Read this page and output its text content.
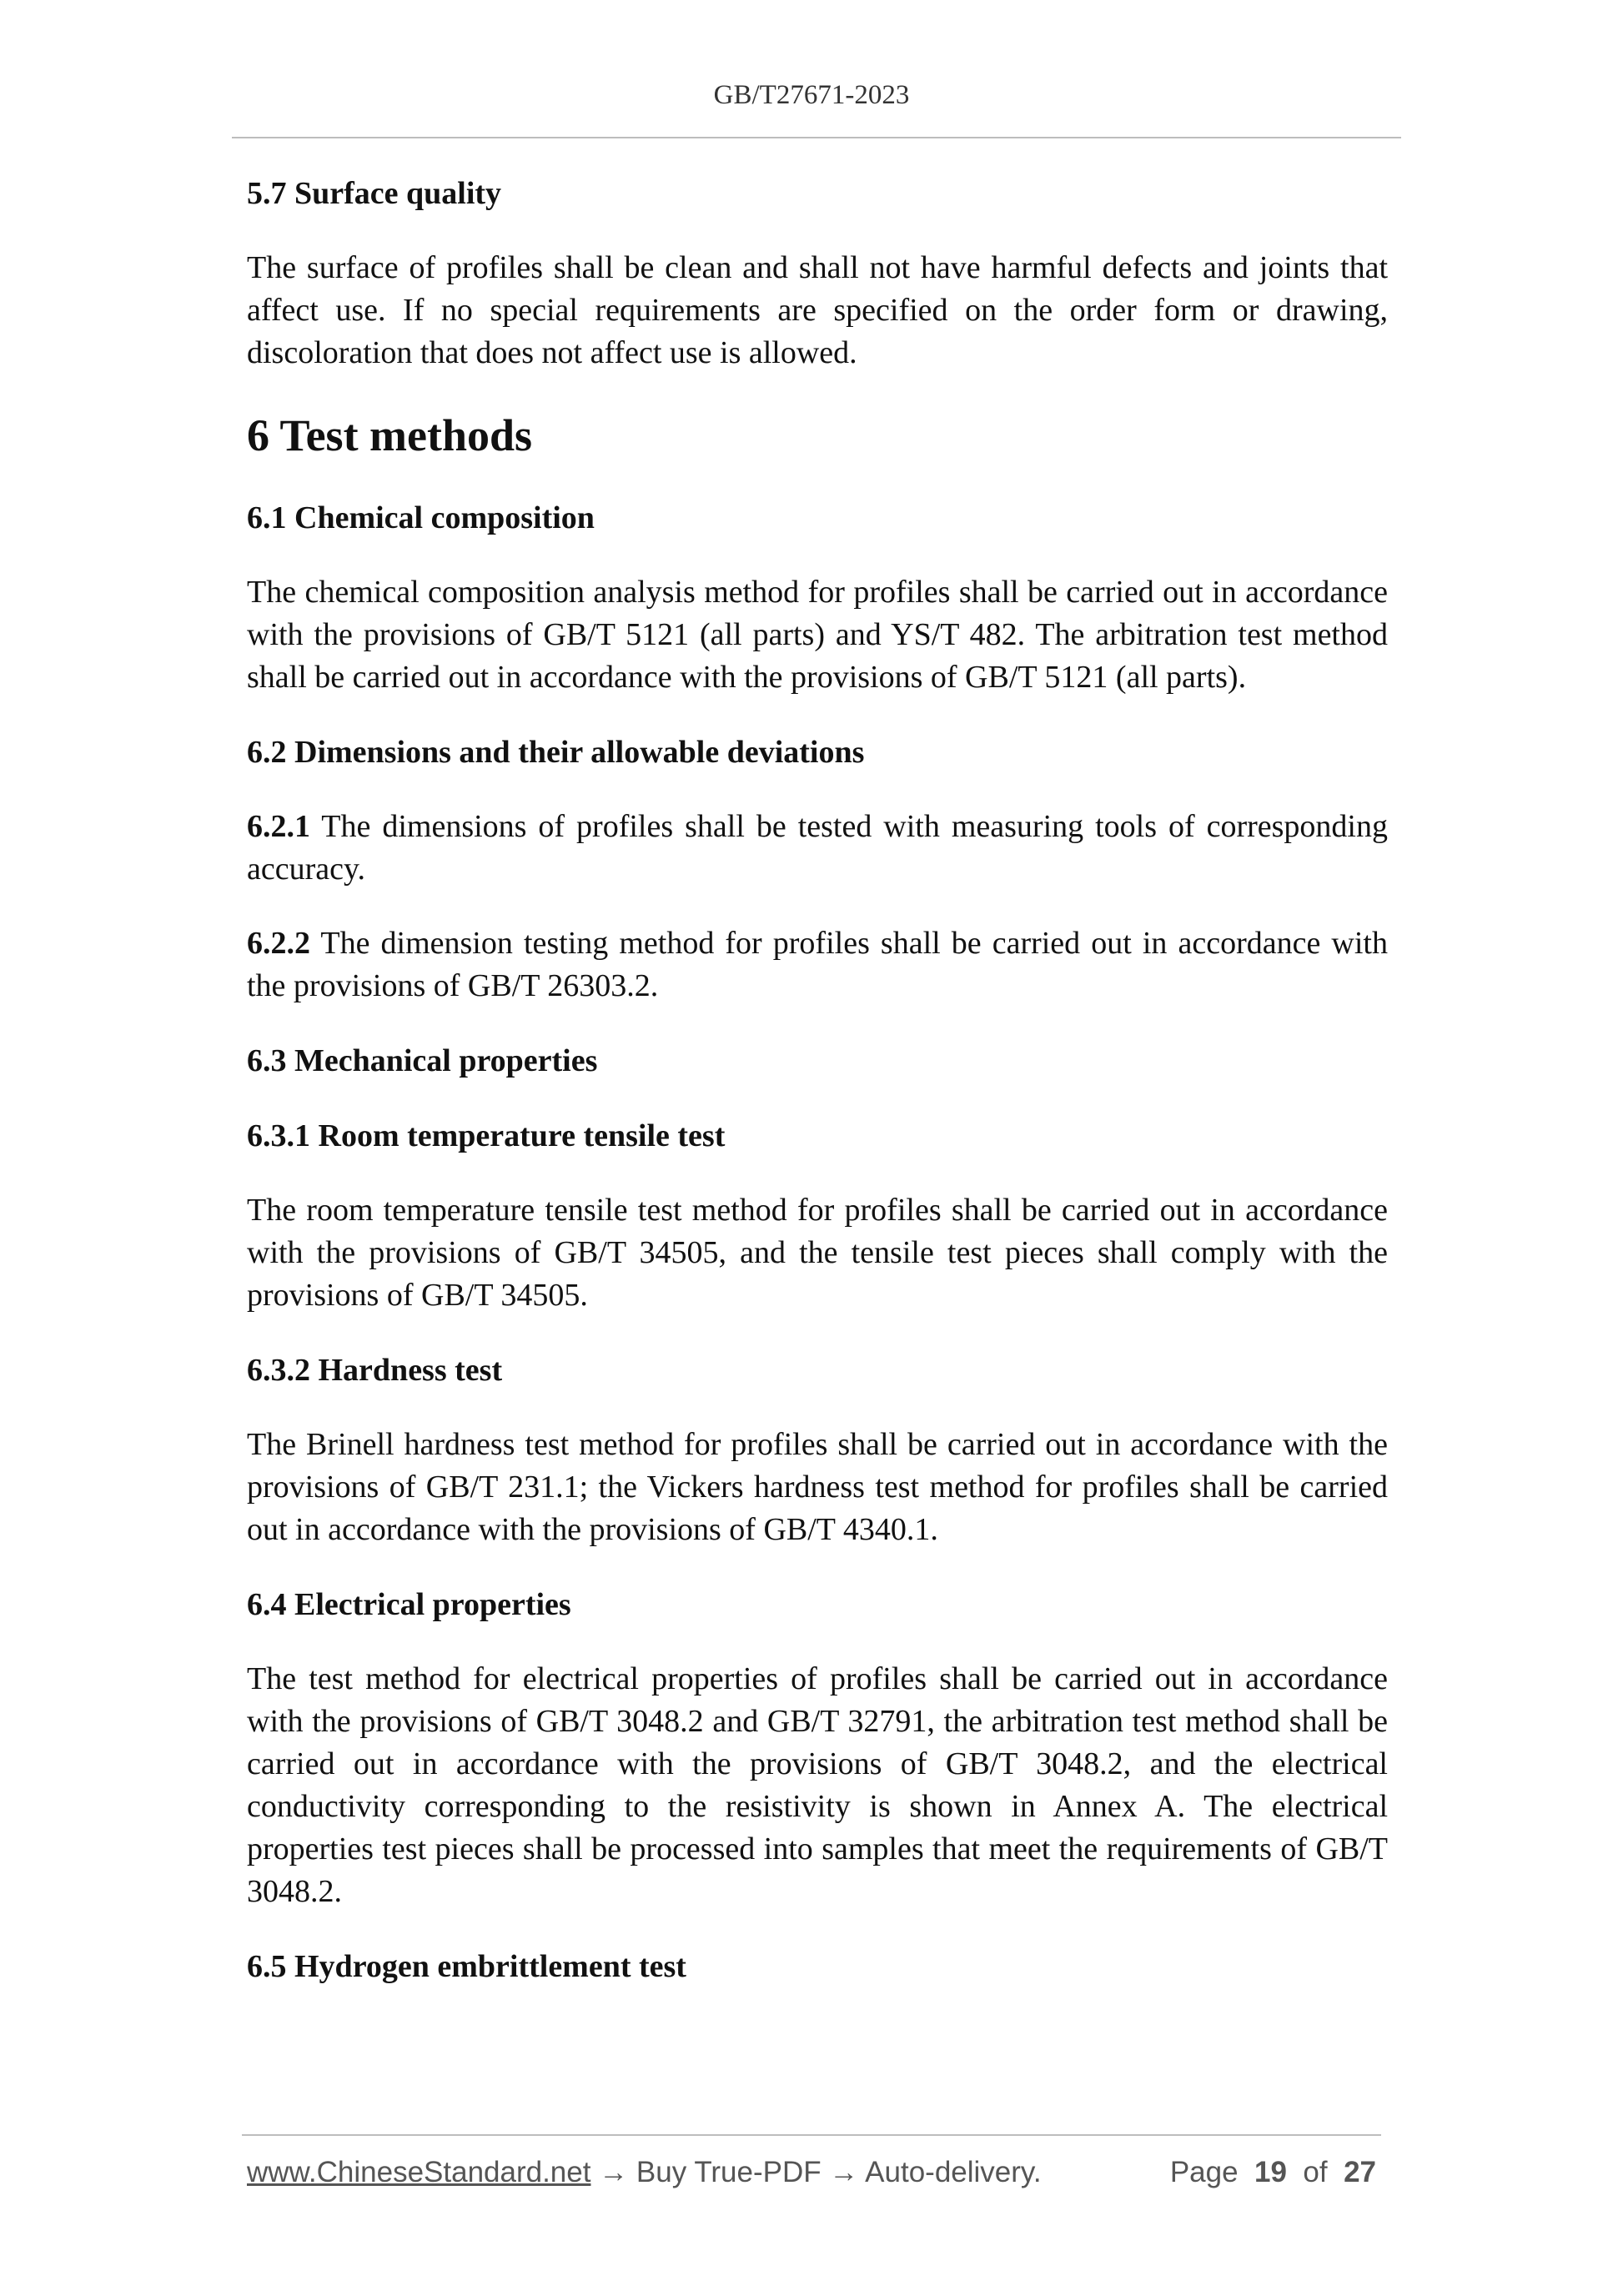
GB/T27671-2023
5.7 Surface quality

The surface of profiles shall be clean and shall not have harmful defects and joints that affect use. If no special requirements are specified on the order form or drawing, discoloration that does not affect use is allowed.

6 Test methods
6.1 Chemical composition

The chemical composition analysis method for profiles shall be carried out in accordance with the provisions of GB/T 5121 (all parts) and YS/T 482. The arbitration test method shall be carried out in accordance with the provisions of GB/T 5121 (all parts).

6.2 Dimensions and their allowable deviations

6.2.1 The dimensions of profiles shall be tested with measuring tools of corresponding accuracy.

6.2.2 The dimension testing method for profiles shall be carried out in accordance with the provisions of GB/T 26303.2.

6.3 Mechanical properties
6.3.1 Room temperature tensile test

The room temperature tensile test method for profiles shall be carried out in accordance with the provisions of GB/T 34505, and the tensile test pieces shall comply with the provisions of GB/T 34505.

6.3.2 Hardness test

The Brinell hardness test method for profiles shall be carried out in accordance with the provisions of GB/T 231.1; the Vickers hardness test method for profiles shall be carried out in accordance with the provisions of GB/T 4340.1.

6.4 Electrical properties

The test method for electrical properties of profiles shall be carried out in accordance with the provisions of GB/T 3048.2 and GB/T 32791, the arbitration test method shall be carried out in accordance with the provisions of GB/T 3048.2, and the electrical conductivity corresponding to the resistivity is shown in Annex A. The electrical properties test pieces shall be processed into samples that meet the requirements of GB/T 3048.2.

6.5 Hydrogen embrittlement test
www.ChineseStandard.net → Buy True-PDF → Auto-delivery.	Page 19 of 27
